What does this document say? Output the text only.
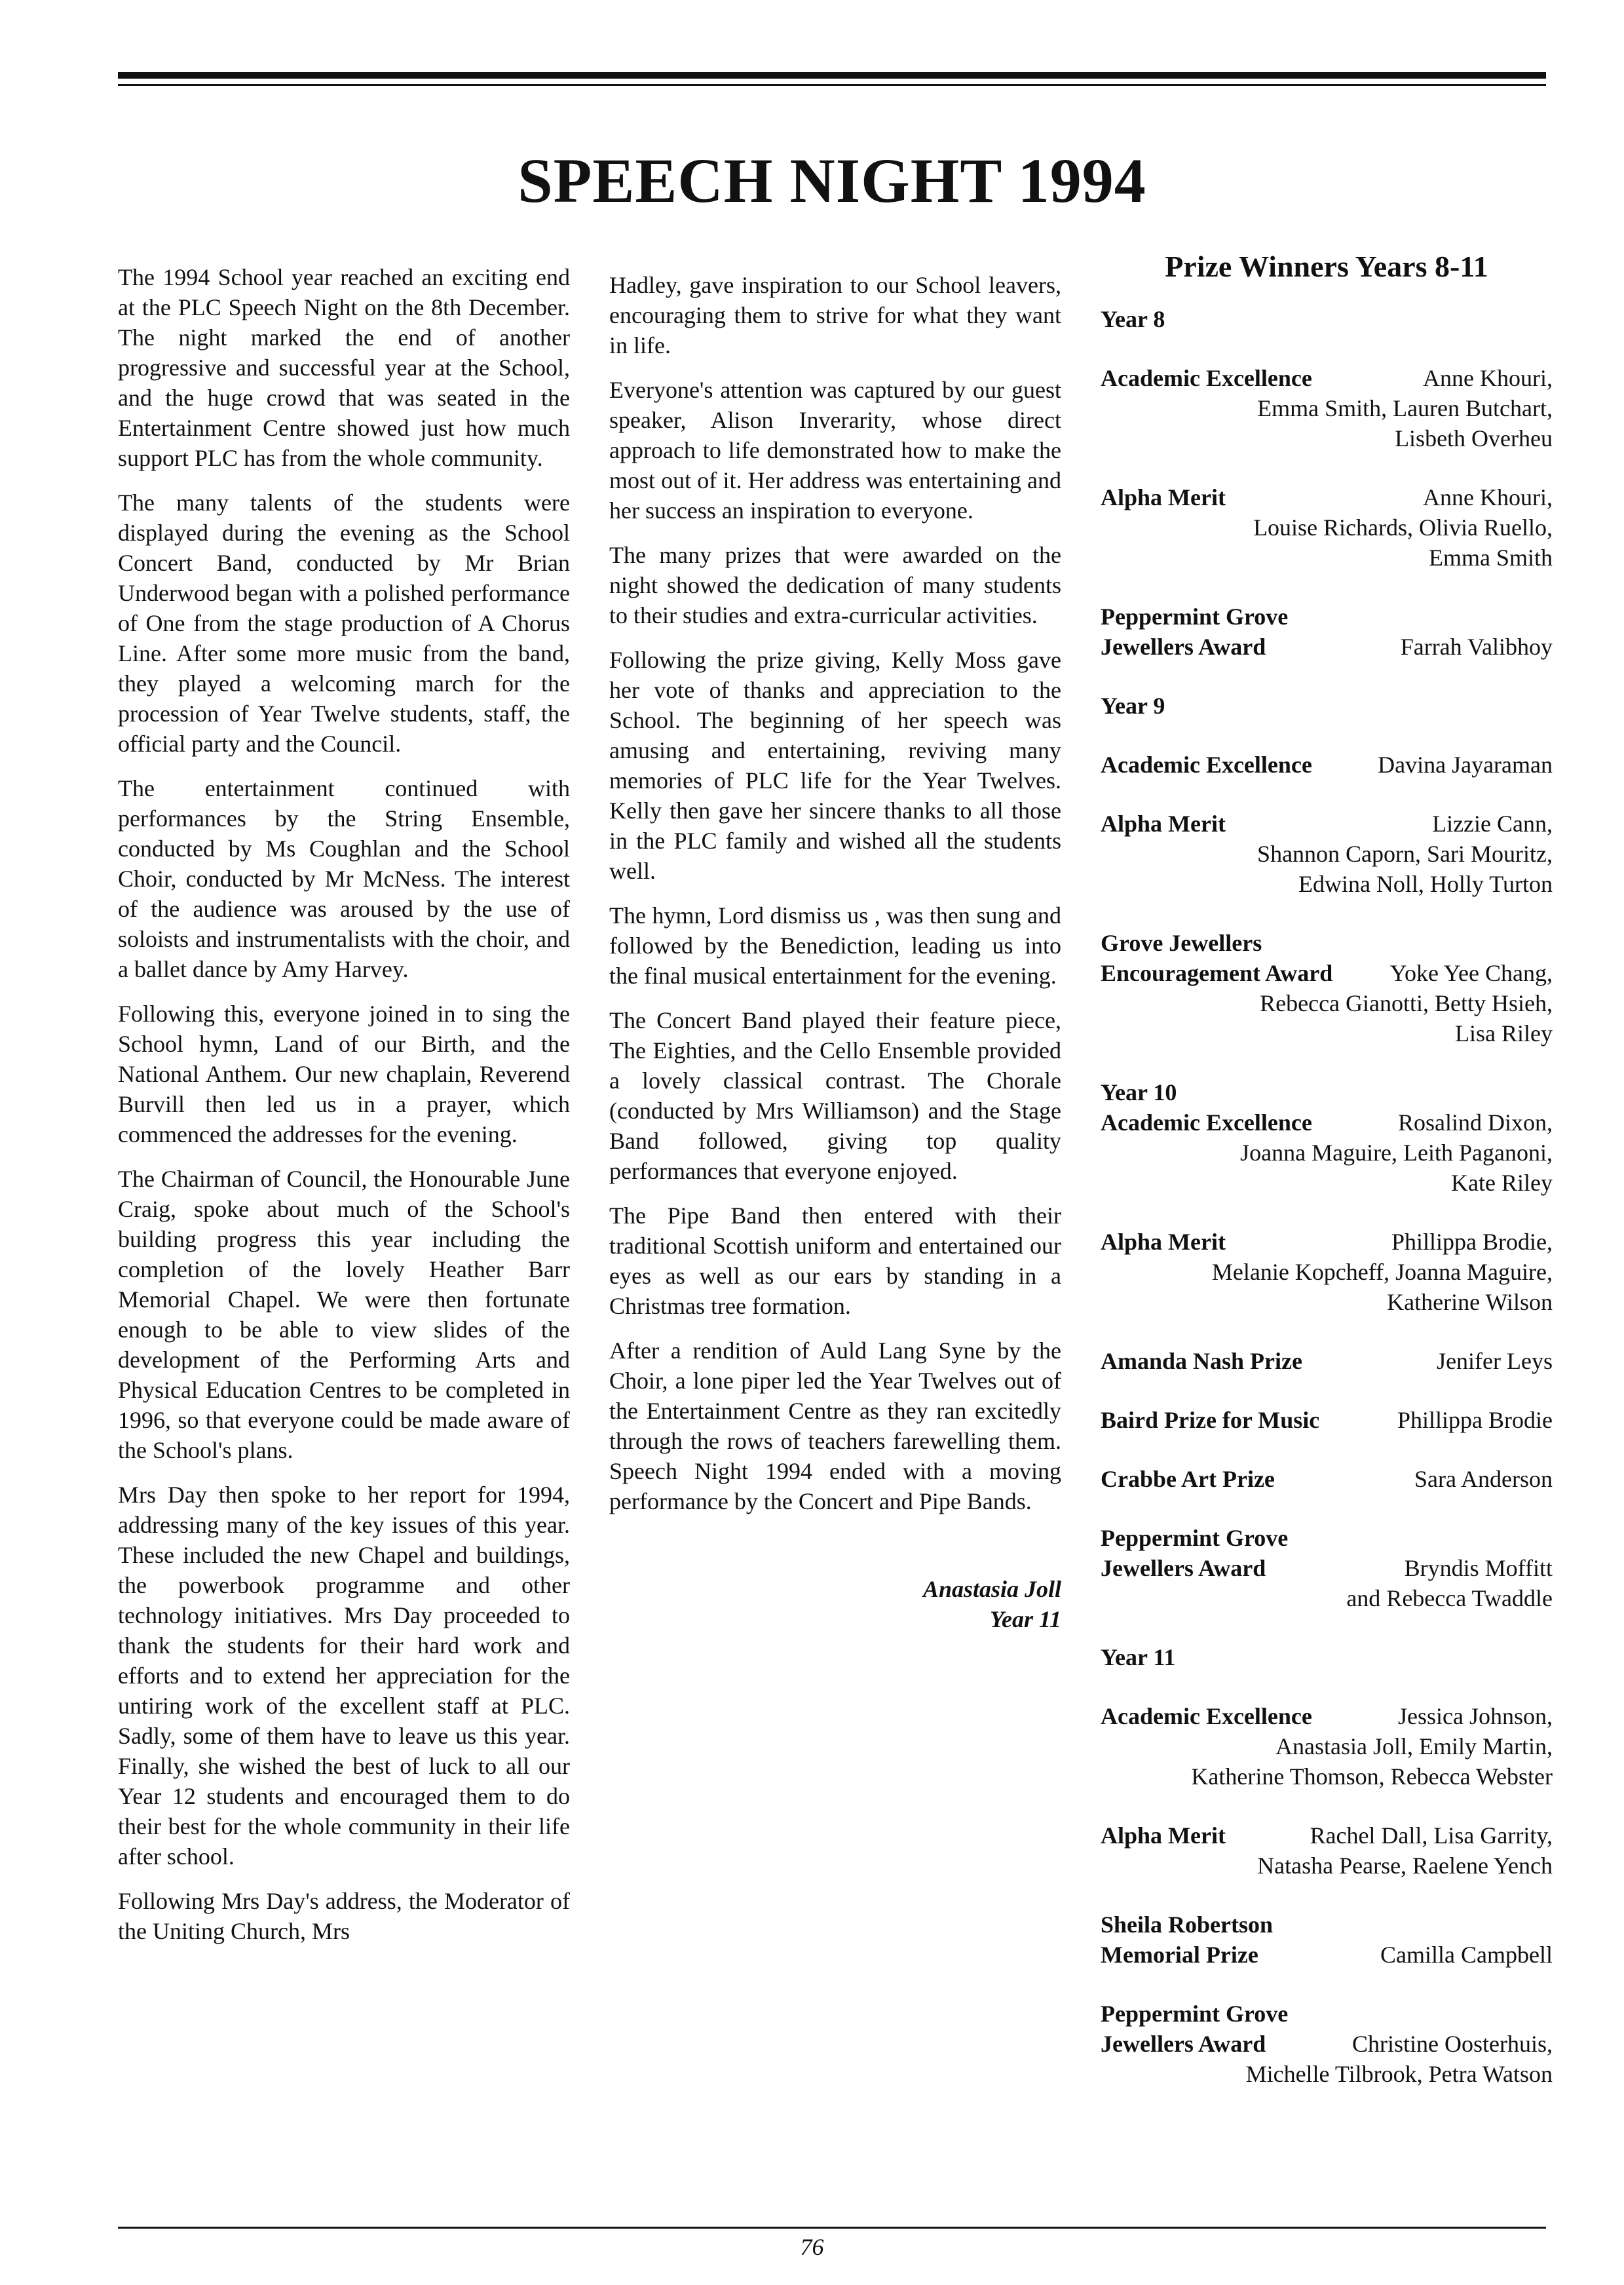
SPEECH NIGHT 1994

The 1994 School year reached an exciting end at the PLC Speech Night on the 8th December. The night marked the end of another progressive and successful year at the School, and the huge crowd that was seated in the Entertainment Centre showed just how much support PLC has from the whole community.

The many talents of the students were displayed during the evening as the School Concert Band, conducted by Mr Brian Underwood began with a polished performance of One from the stage production of A Chorus Line. After some more music from the band, they played a welcoming march for the procession of Year Twelve students, staff, the official party and the Council.

The entertainment continued with performances by the String Ensemble, conducted by Ms Coughlan and the School Choir, conducted by Mr McNess. The interest of the audience was aroused by the use of soloists and instrumentalists with the choir, and a ballet dance by Amy Harvey.

Following this, everyone joined in to sing the School hymn, Land of our Birth, and the National Anthem. Our new chaplain, Reverend Burvill then led us in a prayer, which commenced the addresses for the evening.

The Chairman of Council, the Honourable June Craig, spoke about much of the School's building progress this year including the completion of the lovely Heather Barr Memorial Chapel. We were then fortunate enough to be able to view slides of the development of the Performing Arts and Physical Education Centres to be completed in 1996, so that everyone could be made aware of the School's plans.

Mrs Day then spoke to her report for 1994, addressing many of the key issues of this year. These included the new Chapel and buildings, the powerbook programme and other technology initiatives. Mrs Day proceeded to thank the students for their hard work and efforts and to extend her appreciation for the untiring work of the excellent staff at PLC. Sadly, some of them have to leave us this year. Finally, she wished the best of luck to all our Year 12 students and encouraged them to do their best for the whole community in their life after school.

Following Mrs Day's address, the Moderator of the Uniting Church, Mrs

Hadley, gave inspiration to our School leavers, encouraging them to strive for what they want in life.

Everyone's attention was captured by our guest speaker, Alison Inverarity, whose direct approach to life demonstrated how to make the most out of it. Her address was entertaining and her success an inspiration to everyone.

The many prizes that were awarded on the night showed the dedication of many students to their studies and extra-curricular activities.

Following the prize giving, Kelly Moss gave her vote of thanks and appreciation to the School. The beginning of her speech was amusing and entertaining, reviving many memories of PLC life for the Year Twelves. Kelly then gave her sincere thanks to all those in the PLC family and wished all the students well.

The hymn, Lord dismiss us , was then sung and followed by the Benediction, leading us into the final musical entertainment for the evening.

The Concert Band played their feature piece, The Eighties, and the Cello Ensemble provided a lovely classical contrast. The Chorale (conducted by Mrs Williamson) and the Stage Band followed, giving top quality performances that everyone enjoyed.

The Pipe Band then entered with their traditional Scottish uniform and entertained our eyes as well as our ears by standing in a Christmas tree formation.

After a rendition of Auld Lang Syne by the Choir, a lone piper led the Year Twelves out of the Entertainment Centre as they ran excitedly through the rows of teachers farewelling them. Speech Night 1994 ended with a moving performance by the Concert and Pipe Bands.

Anastasia Joll
Year 11
Prize Winners Years 8-11
Year 8
Academic Excellence	Anne Khouri,
Emma Smith, Lauren Butchart,
Lisbeth Overheu
Alpha Merit	Anne Khouri,
Louise Richards, Olivia Ruello,
Emma Smith
Peppermint Grove
Jewellers Award	Farrah Valibhoy
Year 9
Academic Excellence	Davina Jayaraman
Alpha Merit	Lizzie Cann,
Shannon Caporn, Sari Mouritz,
Edwina Noll, Holly Turton
Grove Jewellers
Encouragement Award Yoke Yee Chang,
Rebecca Gianotti, Betty Hsieh,
Lisa Riley
Year 10
Academic Excellence	Rosalind Dixon,
Joanna Maguire, Leith Paganoni,
Kate Riley
Alpha Merit	Phillippa Brodie,
Melanie Kopcheff, Joanna Maguire,
Katherine Wilson
Amanda Nash Prize	Jenifer Leys
Baird Prize for Music	Phillippa Brodie
Crabbe Art Prize	Sara Anderson
Peppermint Grove
Jewellers Award	Bryndis Moffitt
and Rebecca Twaddle
Year 11
Academic Excellence	Jessica Johnson,
Anastasia Joll, Emily Martin,
Katherine Thomson, Rebecca Webster
Alpha Merit	Rachel Dall, Lisa Garrity,
Natasha Pearse, Raelene Yench
Sheila Robertson
Memorial Prize	Camilla Campbell
Peppermint Grove
Jewellers Award	Christine Oosterhuis,
Michelle Tilbrook, Petra Watson
76
